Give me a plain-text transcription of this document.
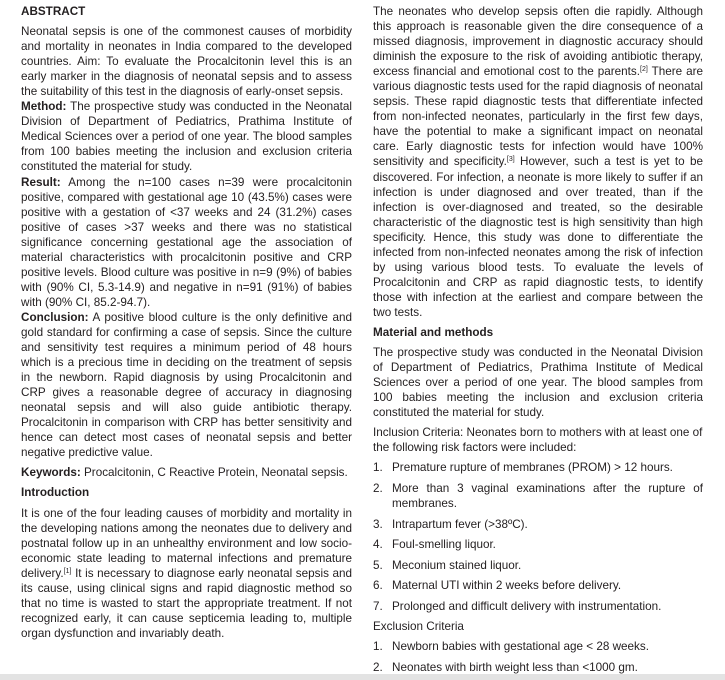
ABSTRACT

Neonatal sepsis is one of the commonest causes of morbidity and mortality in neonates in India compared to the developed countries. Aim: To evaluate the Procalcitonin level this is an early marker in the diagnosis of neonatal sepsis and to assess the suitability of this test in the diagnosis of early-onset sepsis.

Method: The prospective study was conducted in the Neonatal Division of Department of Pediatrics, Prathima Institute of Medical Sciences over a period of one year. The blood samples from 100 babies meeting the inclusion and exclusion criteria constituted the material for study.

Result: Among the n=100 cases n=39 were procalcitonin positive, compared with gestational age 10 (43.5%) cases were positive with a gestation of <37 weeks and 24 (31.2%) cases positive of cases >37 weeks and there was no statistical significance concerning gestational age the association of material characteristics with procalcitonin positive and CRP positive levels. Blood culture was positive in n=9 (9%) of babies with (90% CI, 5.3-14.9) and negative in n=91 (91%) of babies with (90% CI, 85.2-94.7).

Conclusion: A positive blood culture is the only definitive and gold standard for confirming a case of sepsis. Since the culture and sensitivity test requires a minimum period of 48 hours which is a precious time in deciding on the treatment of sepsis in the newborn. Rapid diagnosis by using Procalcitonin and CRP gives a reasonable degree of accuracy in diagnosing neonatal sepsis and will also guide antibiotic therapy. Procalcitonin in comparison with CRP has better sensitivity and hence can detect most cases of neonatal sepsis and better negative predictive value.

Keywords: Procalcitonin, C Reactive Protein, Neonatal sepsis.

Introduction

It is one of the four leading causes of morbidity and mortality in the developing nations among the neonates due to delivery and postnatal follow up in an unhealthy environment and low socio-economic state leading to maternal infections and premature delivery.[1] It is necessary to diagnose early neonatal sepsis and its cause, using clinical signs and rapid diagnostic method so that no time is wasted to start the appropriate treatment. If not recognized early, it can cause septicemia leading to, multiple organ dysfunction and invariably death.

The neonates who develop sepsis often die rapidly. Although this approach is reasonable given the dire consequence of a missed diagnosis, improvement in diagnostic accuracy should diminish the exposure to the risk of avoiding antibiotic therapy, excess financial and emotional cost to the parents.[2] There are various diagnostic tests used for the rapid diagnosis of neonatal sepsis. These rapid diagnostic tests that differentiate infected from non-infected neonates, particularly in the first few days, have the potential to make a significant impact on neonatal care. Early diagnostic tests for infection would have 100% sensitivity and specificity.[3] However, such a test is yet to be discovered. For infection, a neonate is more likely to suffer if an infection is under diagnosed and over treated, than if the infection is over-diagnosed and treated, so the desirable characteristic of the diagnostic test is high sensitivity than high specificity. Hence, this study was done to differentiate the infected from non-infected neonates among the risk of infection by using various blood tests. To evaluate the levels of Procalcitonin and CRP as rapid diagnostic tests, to identify those with infection at the earliest and compare between the two tests.

Material and methods

The prospective study was conducted in the Neonatal Division of Department of Pediatrics, Prathima Institute of Medical Sciences over a period of one year. The blood samples from 100 babies meeting the inclusion and exclusion criteria constituted the material for study.

Inclusion Criteria: Neonates born to mothers with at least one of the following risk factors were included:

1. Premature rupture of membranes (PROM) > 12 hours.
2. More than 3 vaginal examinations after the rupture of membranes.
3. Intrapartum fever (>38ºC).
4. Foul-smelling liquor.
5. Meconium stained liquor.
6. Maternal UTI within 2 weeks before delivery.
7. Prolonged and difficult delivery with instrumentation.

Exclusion Criteria

1. Newborn babies with gestational age < 28 weeks.
2. Neonates with birth weight less than <1000 gm.
